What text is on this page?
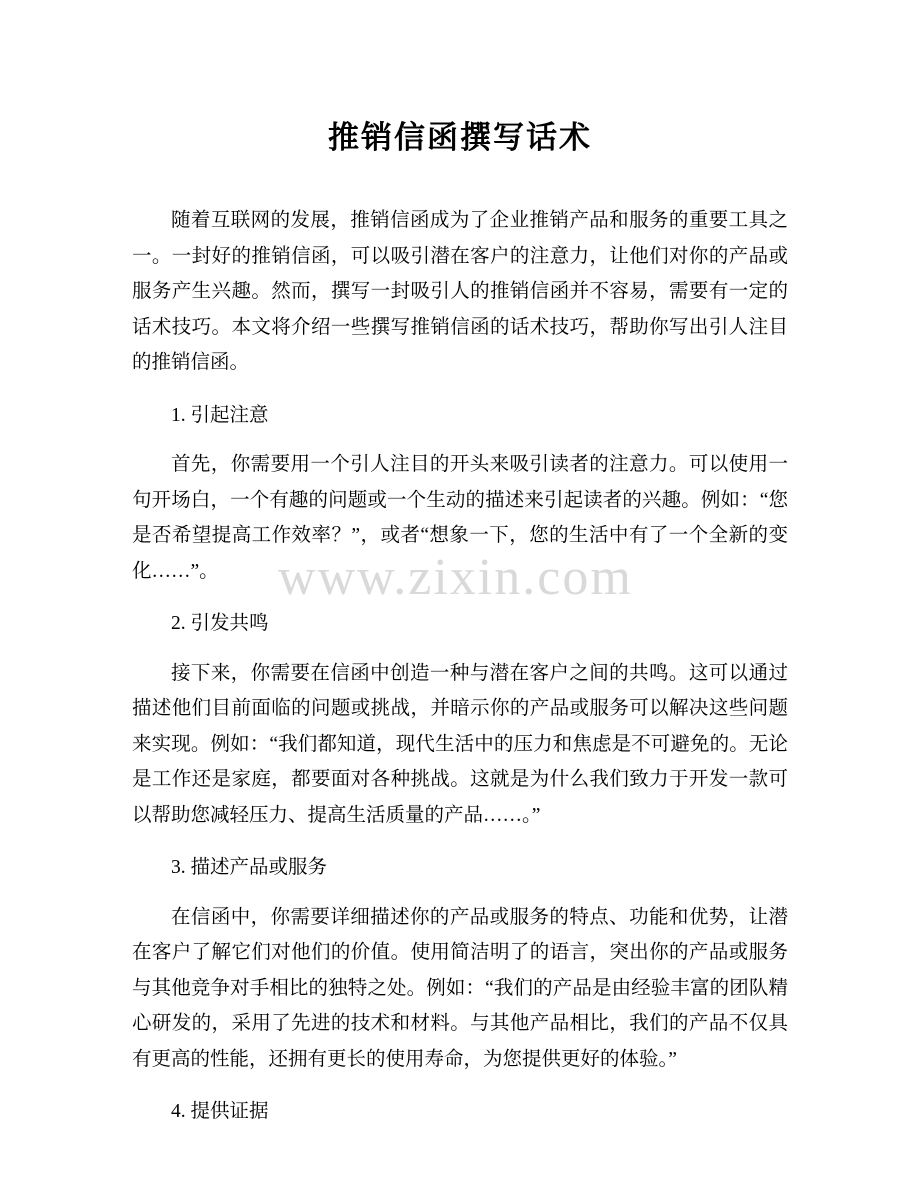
www.zixin.com
推销信函撰写话术

随着互联网的发展，推销信函成为了企业推销产品和服务的重要工具之一。一封好的推销信函，可以吸引潜在客户的注意力，让他们对你的产品或服务产生兴趣。然而，撰写一封吸引人的推销信函并不容易，需要有一定的话术技巧。本文将介绍一些撰写推销信函的话术技巧，帮助你写出引人注目的推销信函。

1. 引起注意

首先，你需要用一个引人注目的开头来吸引读者的注意力。可以使用一句开场白，一个有趣的问题或一个生动的描述来引起读者的兴趣。例如：“您是否希望提高工作效率？”，或者“想象一下，您的生活中有了一个全新的变化……”。

2. 引发共鸣

接下来，你需要在信函中创造一种与潜在客户之间的共鸣。这可以通过描述他们目前面临的问题或挑战，并暗示你的产品或服务可以解决这些问题来实现。例如：“我们都知道，现代生活中的压力和焦虑是不可避免的。无论是工作还是家庭，都要面对各种挑战。这就是为什么我们致力于开发一款可以帮助您减轻压力、提高生活质量的产品……。”

3. 描述产品或服务

在信函中，你需要详细描述你的产品或服务的特点、功能和优势，让潜在客户了解它们对他们的价值。使用简洁明了的语言，突出你的产品或服务与其他竞争对手相比的独特之处。例如：“我们的产品是由经验丰富的团队精心研发的，采用了先进的技术和材料。与其他产品相比，我们的产品不仅具有更高的性能，还拥有更长的使用寿命，为您提供更好的体验。”

4. 提供证据
